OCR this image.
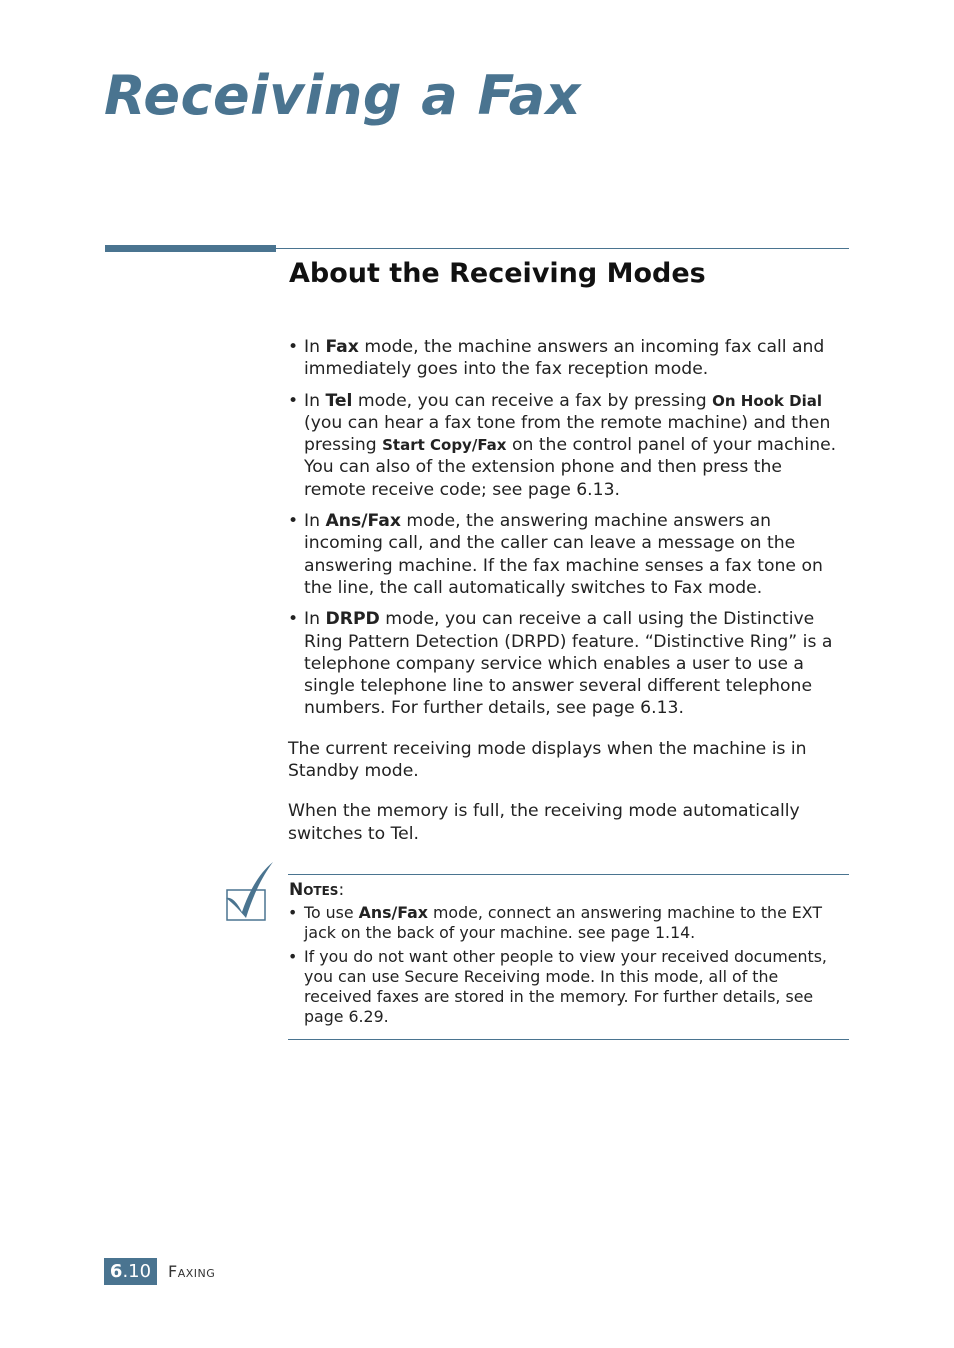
Receiving a Fax
About the Receiving Modes
• In Fax mode, the machine answers an incoming fax call and immediately goes into the fax reception mode.
• In Tel mode, you can receive a fax by pressing On Hook Dial (you can hear a fax tone from the remote machine) and then pressing Start Copy/Fax on the control panel of your machine. You can also of the extension phone and then press the remote receive code; see page 6.13.
• In Ans/Fax mode, the answering machine answers an incoming call, and the caller can leave a message on the answering machine. If the fax machine senses a fax tone on the line, the call automatically switches to Fax mode.
• In DRPD mode, you can receive a call using the Distinctive Ring Pattern Detection (DRPD) feature. “Distinctive Ring” is a telephone company service which enables a user to use a single telephone line to answer several different telephone numbers. For further details, see page 6.13.

The current receiving mode displays when the machine is in Standby mode.

When the memory is full, the receiving mode automatically switches to Tel.

Notes:
• To use Ans/Fax mode, connect an answering machine to the EXT jack on the back of your machine. see page 1.14.
• If you do not want other people to view your received documents, you can use Secure Receiving mode. In this mode, all of the received faxes are stored in the memory. For further details, see page 6.29.
6 .10 Faxing
